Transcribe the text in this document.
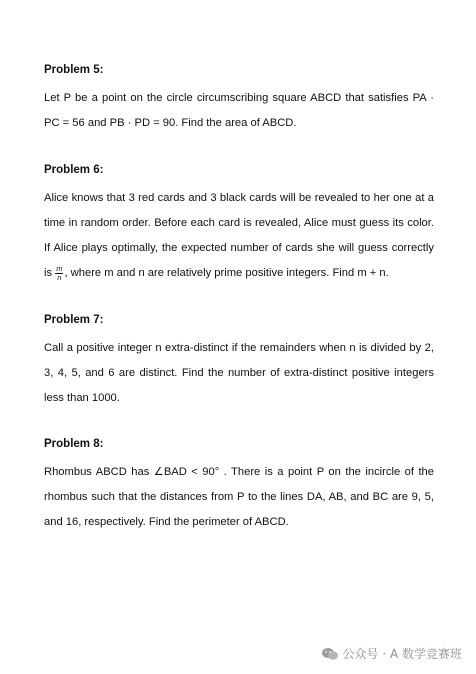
Problem 5:

Let P be a point on the circle circumscribing square ABCD that satisfies PA · PC = 56 and PB · PD = 90. Find the area of ABCD.

Problem 6:

Alice knows that 3 red cards and 3 black cards will be revealed to her one at a time in random order. Before each card is revealed, Alice must guess its color. If Alice plays optimally, the expected number of cards she will guess correctly is $\frac{m}{n}$ , where m and n are relatively prime positive integers. Find m + n.

Problem 7:

Call a positive integer n extra-distinct if the remainders when n is divided by 2, 3, 4, 5, and 6 are distinct. Find the number of extra-distinct positive integers less than 1000.

Problem 8:

Rhombus ABCD has ∠BAD < 90° . There is a point P on the incircle of the rhombus such that the distances from P to the lines DA, AB, and BC are 9, 5, and 16, respectively. Find the perimeter of ABCD.

公众号 · A 数学竞赛班
